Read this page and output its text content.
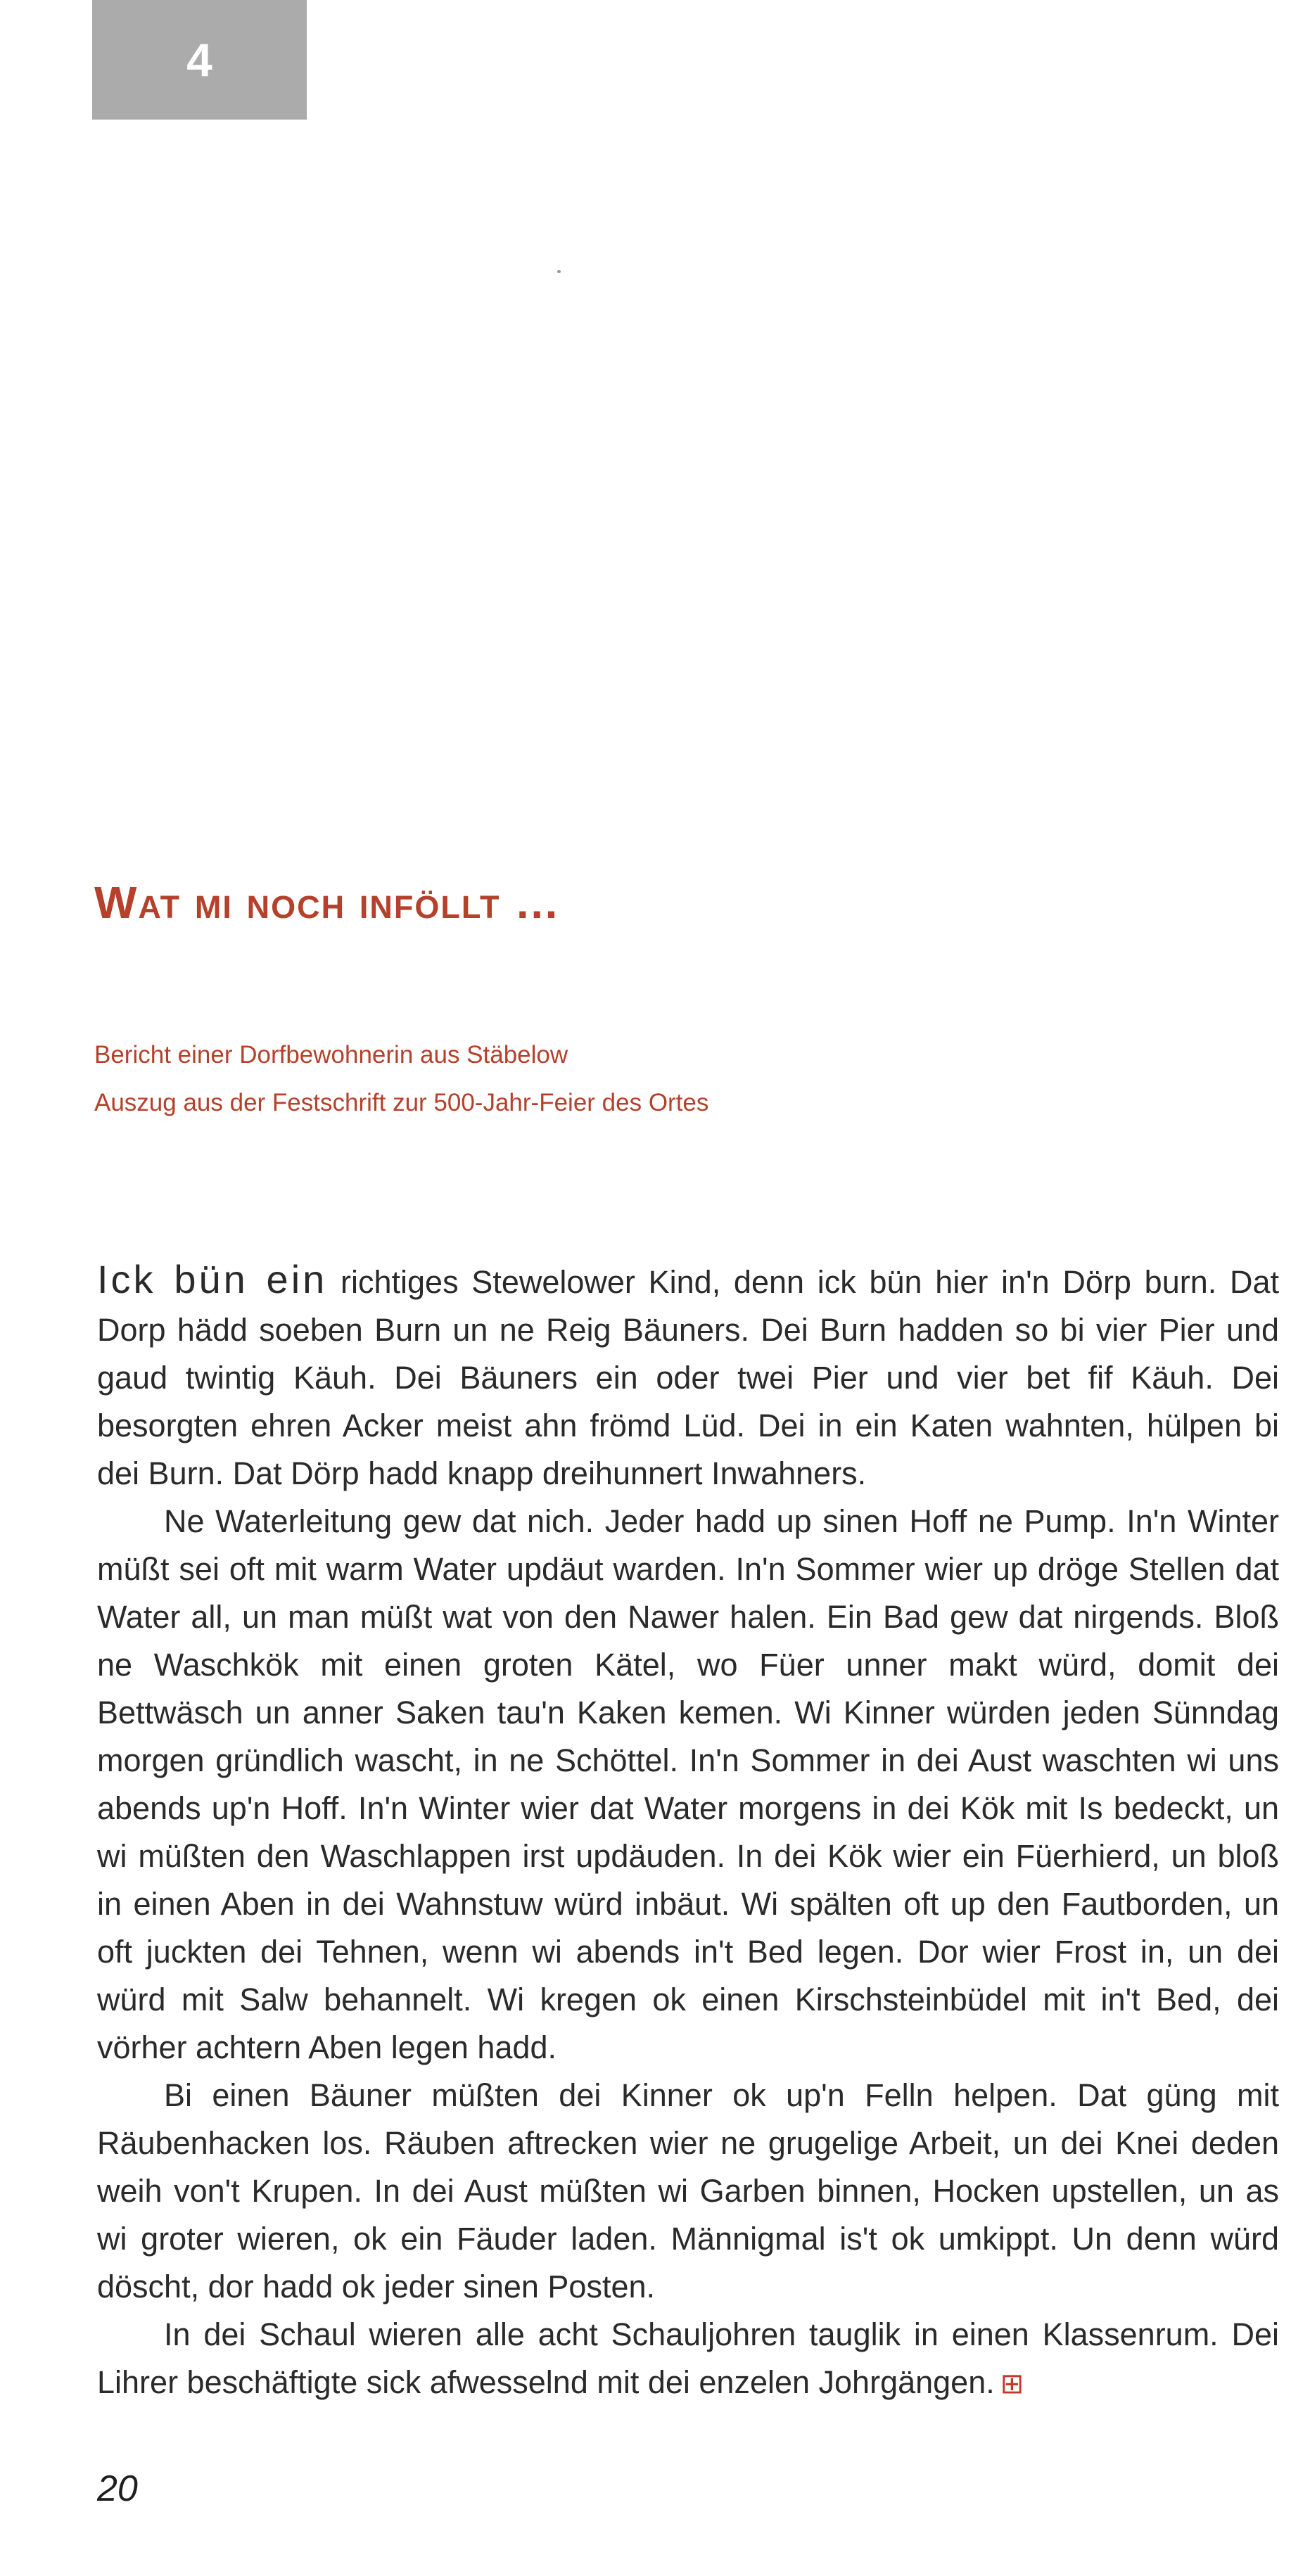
4
Wat mi noch inföllt …
Bericht einer Dorfbewohnerin aus Stäbelow
Auszug aus der Festschrift zur 500-Jahr-Feier des Ortes

Ick bün ein richtiges Stewelower Kind, denn ick bün hier in'n Dörp burn. Dat Dorp hädd soeben Burn un ne Reig Bäuners. Dei Burn hadden so bi vier Pier und gaud twintig Käuh. Dei Bäuners ein oder twei Pier und vier bet fif Käuh. Dei besorgten ehren Acker meist ahn frömd Lüd. Dei in ein Katen wahnten, hülpen bi dei Burn. Dat Dörp hadd knapp dreihunnert Inwahners.

Ne Waterleitung gew dat nich. Jeder hadd up sinen Hoff ne Pump. In'n Winter müßt sei oft mit warm Water updäut warden. In'n Sommer wier up dröge Stellen dat Water all, un man müßt wat von den Nawer halen. Ein Bad gew dat nirgends. Bloß ne Waschkök mit einen groten Kätel, wo Füer unner makt würd, domit dei Bettwäsch un anner Saken tau'n Kaken kemen. Wi Kinner würden jeden Sünndag morgen gründlich wascht, in ne Schöttel. In'n Sommer in dei Aust waschten wi uns abends up'n Hoff. In'n Winter wier dat Water morgens in dei Kök mit Is bedeckt, un wi müßten den Waschlappen irst updäuden. In dei Kök wier ein Füerhierd, un bloß in einen Aben in dei Wahnstuw würd inbäut. Wi spälten oft up den Fautborden, un oft juckten dei Tehnen, wenn wi abends in't Bed legen. Dor wier Frost in, un dei würd mit Salw behannelt. Wi kregen ok einen Kirschsteinbüdel mit in't Bed, dei vörher achtern Aben legen hadd.

Bi einen Bäuner müßten dei Kinner ok up'n Felln helpen. Dat güng mit Räubenhacken los. Räuben aftrecken wier ne grugelige Arbeit, un dei Knei deden weih von't Krupen. In dei Aust müßten wi Garben binnen, Hocken upstellen, un as wi groter wieren, ok ein Fäuder laden. Männigmal is't ok umkippt. Un denn würd döscht, dor hadd ok jeder sinen Posten.

In dei Schaul wieren alle acht Schauljohren tauglik in einen Klassenrum. Dei Lihrer beschäftigte sick afwesselnd mit dei enzelen Johrgängen. ⊞

20
